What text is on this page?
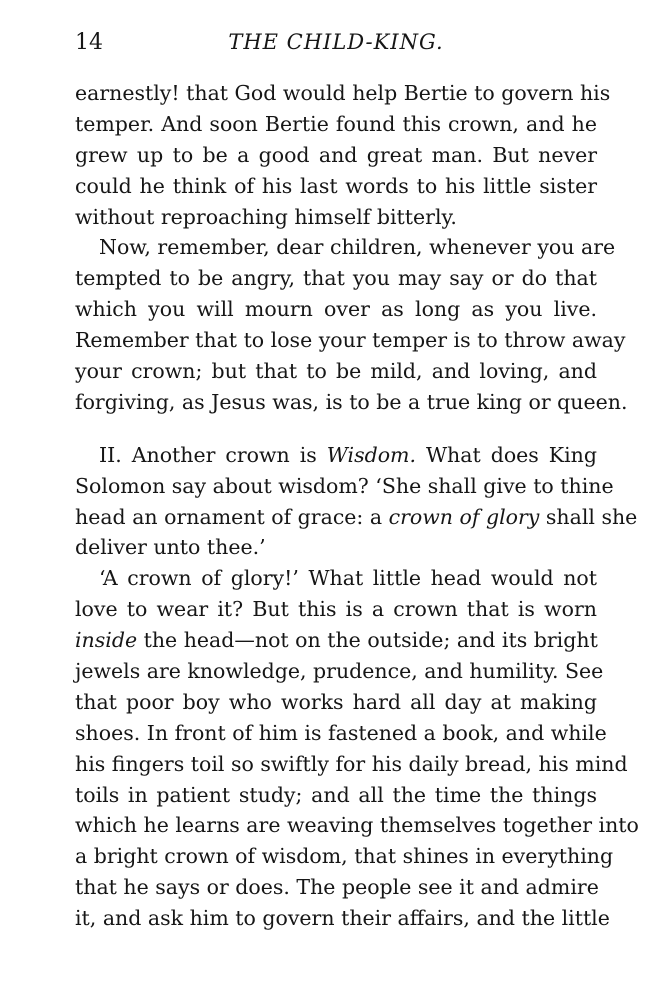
14	THE CHILD-KING.
earnestly! that God would help Bertie to govern his
temper. And soon Bertie found this crown, and he
grew up to be a good and great man. But never
could he think of his last words to his little sister
without reproaching himself bitterly.
Now, remember, dear children, whenever you are
tempted to be angry, that you may say or do that
which you will mourn over as long as you live.
Remember that to lose your temper is to throw away
your crown; but that to be mild, and loving, and
forgiving, as Jesus was, is to be a true king or queen.
II. Another crown is Wisdom. What does King
Solomon say about wisdom? ‘She shall give to thine
head an ornament of grace: a crown of glory shall she
deliver unto thee.’
‘A crown of glory!’ What little head would not
love to wear it? But this is a crown that is worn
inside the head—not on the outside; and its bright
jewels are knowledge, prudence, and humility. See
that poor boy who works hard all day at making
shoes. In front of him is fastened a book, and while
his fingers toil so swiftly for his daily bread, his mind
toils in patient study; and all the time the things
which he learns are weaving themselves together into
a bright crown of wisdom, that shines in everything
that he says or does. The people see it and admire
it, and ask him to govern their affairs, and the little
